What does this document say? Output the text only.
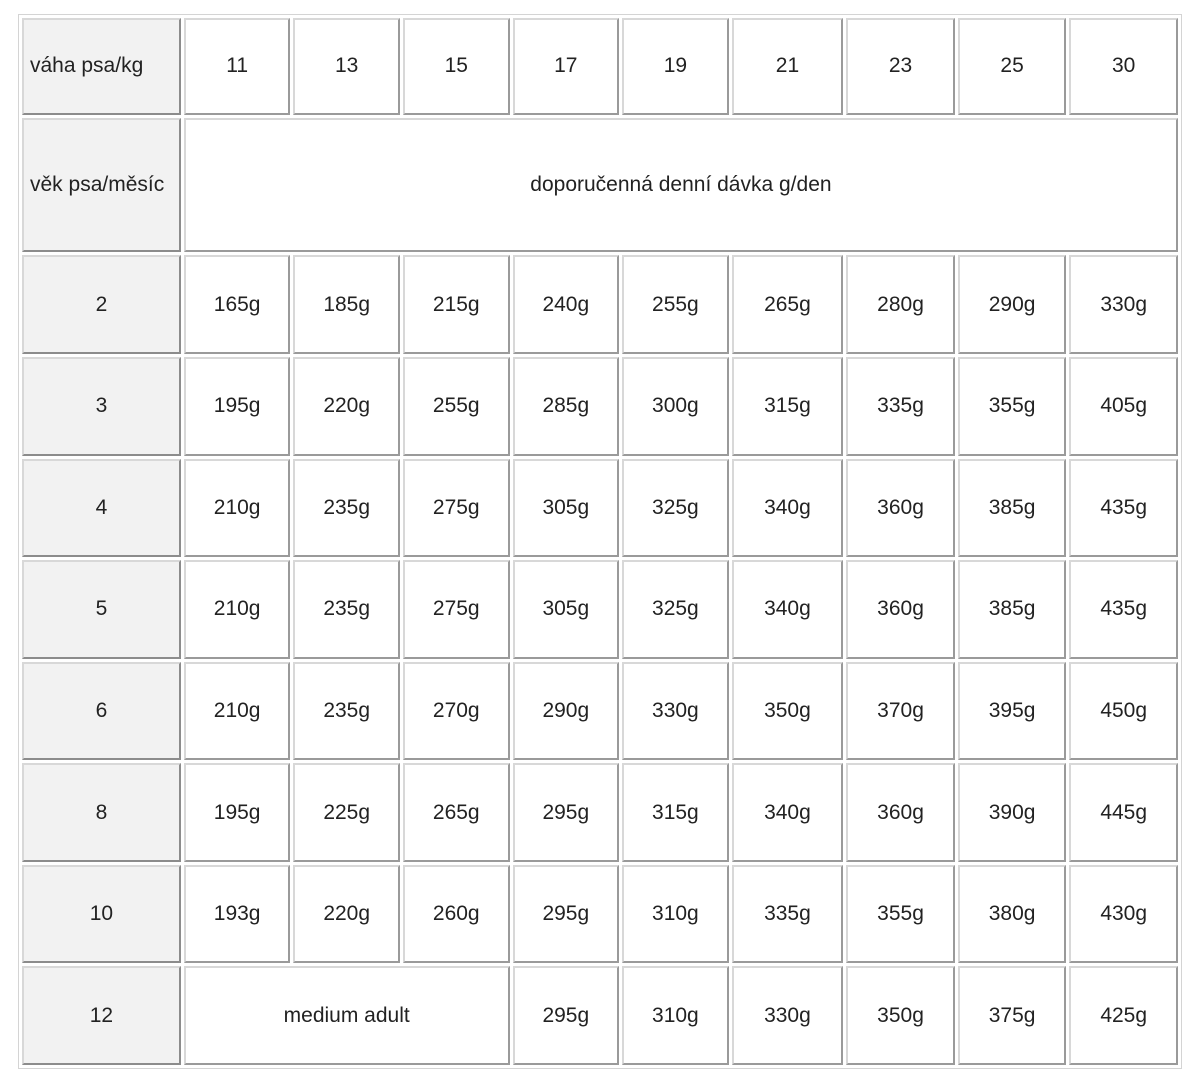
váha psa/kg	11	13	15	17	19	21	23	25	30
věk psa/měsíc	doporučenná denní dávka g/den								
2	165g	185g	215g	240g	255g	265g	280g	290g	330g
3	195g	220g	255g	285g	300g	315g	335g	355g	405g
4	210g	235g	275g	305g	325g	340g	360g	385g	435g
5	210g	235g	275g	305g	325g	340g	360g	385g	435g
6	210g	235g	270g	290g	330g	350g	370g	395g	450g
8	195g	225g	265g	295g	315g	340g	360g	390g	445g
10	193g	220g	260g	295g	310g	335g	355g	380g	430g
12	medium adult			295g	310g	330g	350g	375g	425g
